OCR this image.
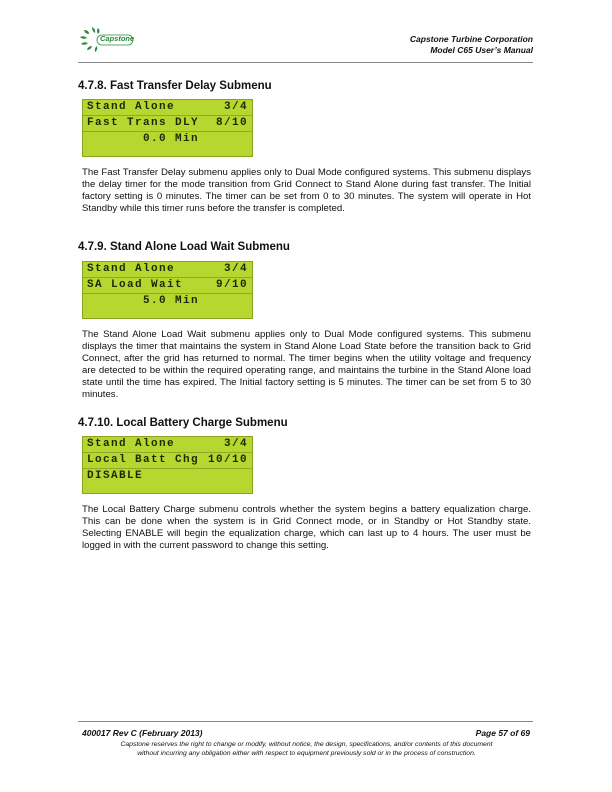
Capstone	Capstone Turbine Corporation
Model C65 User’s Manual
4.7.8. Fast Transfer Delay Submenu
Stand Alone	3/4
Fast Trans DLY 8/10
0.0 Min

The Fast Transfer Delay submenu applies only to Dual Mode configured systems. This submenu displays the delay timer for the mode transition from Grid Connect to Stand Alone during fast transfer. The Initial factory setting is 0 minutes. The timer can be set from 0 to 30 minutes. The system will operate in Hot Standby while this timer runs before the transfer is completed.

4.7.9. Stand Alone Load Wait Submenu
Stand Alone	3/4
SA Load Wait	9/10
5.0 Min

The Stand Alone Load Wait submenu applies only to Dual Mode configured systems. This submenu displays the timer that maintains the system in Stand Alone Load State before the transition back to Grid Connect, after the grid has returned to normal. The timer begins when the utility voltage and frequency are detected to be within the required operating range, and maintains the turbine in the Stand Alone load state until the time has expired. The Initial factory setting is 5 minutes. The timer can be set from 5 to 30 minutes.

4.7.10. Local Battery Charge Submenu
Stand Alone	3/4
Local Batt Chg 10/10
DISABLE

The Local Battery Charge submenu controls whether the system begins a battery equalization charge. This can be done when the system is in Grid Connect mode, or in Standby or Hot Standby state. Selecting ENABLE will begin the equalization charge, which can last up to 4 hours. The user must be logged in with the current password to change this setting.

400017 Rev C (February 2013)	Page 57 of 69
Capstone reserves the right to change or modify, without notice, the design, specifications, and/or contents of this document
without incurring any obligation either with respect to equipment previously sold or in the process of construction.
